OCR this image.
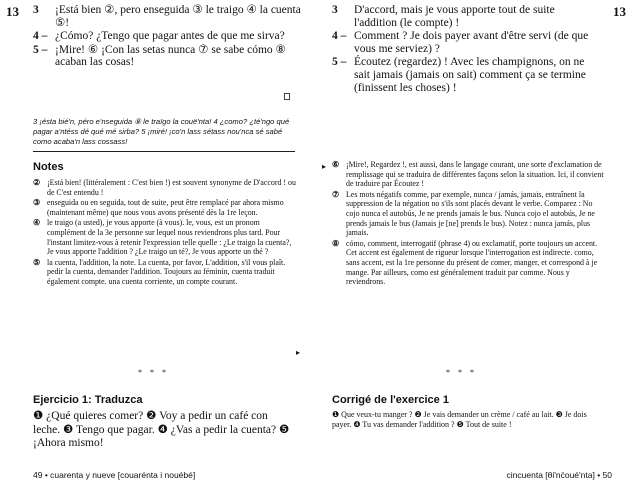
13 3	¡Está bien ②, pero enseguida ③ le traigo ④ la cuenta ⑤!
4 – ¿Cómo? ¿Tengo que pagar antes de que me sirva?
5 – ¡Mire! ⑥ ¡Con las setas nunca ⑦ se sabe cómo ⑧ acaban las cosas!
3 ¡ésta bié'n, péro e'nseguida ⑧ le traïgo la couë'nta! 4 ¿como? ¿té'ngo qué pagar a'ntéss dé qué mé sirba? 5 ¡miré! ¡co'n lass sétass nou'nca sé sabé como acaba'n lass cossass!
Notes
② ¡Está bien! (littéralement : C'est bien !) est souvent synonyme de D'accord ! ou de C'est entendu !
③ enseguida ou en seguida, tout de suite, peut être remplacé par ahora mismo (maintenant même) que nous vous avons présenté dès la 1re leçon.
④ le traigo (a usted), je vous apporte (à vous). le, vous, est un pronom complément de la 3e personne sur lequel nous reviendrons plus tard. Pour l'instant limitez-vous à retenir l'expression telle quelle : ¿Le traigo la cuenta?, Je vous apporte l'addition ? ¿Le traigo un té?, Je vous apporte un thé ?
⑤ la cuenta, l'addition, la note. La cuenta, por favor, L'addition, s'il vous plaît. pedir la cuenta, demander l'addition. Toujours au féminin, cuenta traduit également compte. una cuenta corriente, un compte courant.
▸
* * *
Ejercicio 1: Traduzca
❶ ¿Qué quieres comer? ❷ Voy a pedir un café con leche. ❸ Tengo que pagar. ❹ ¿Vas a pedir la cuenta? ❺ ¡Ahora mismo!
49 • cuarenta y nueve [couarénta i nouébé]
13
3	D'accord, mais je vous apporte tout de suite l'addition (le compte) !
4 – Comment ? Je dois payer avant d'être servi (de que vous me serviez) ?
5 – Écoutez (regardez) ! Avec les champignons, on ne sait jamais (jamais on sait) comment ça se termine (finissent les choses) !
▸ ⑥ ¡Mire!, Regardez !, est aussi, dans le langage courant, une sorte d'exclamation de remplissage qui se traduira de différentes façons selon la situation. Ici, il convient de traduire par Écoutez !
⑦ Les mots négatifs comme, par exemple, nunca / jamás, jamais, entraînent la suppression de la négation no s'ils sont placés devant le verbe. Comparez : No cojo nunca el autobús, Je ne prends jamais le bus. Nunca cojo el autobús, Je ne prends jamais le bus (Jamais je [ne] prends le bus). Notez : nunca jamás, plus jamais.
⑧ cómo, comment, interrogatif (phrase 4) ou exclamatif, porte toujours un accent. Cet accent est également de rigueur lorsque l'interrogation est indirecte. como, sans accent, est la 1re personne du présent de comer, manger, et correspond à je mange. Par ailleurs, como est généralement traduit par comme. Nous y reviendrons.
* * *
Corrigé de l'exercice 1
❶ Que veux-tu manger ? ❷ Je vais demander un crème / café au lait. ❸ Je dois payer. ❹ Tu vas demander l'addition ? ❺ Tout de suite !
cincuenta [θi'nc̈oué'nta] • 50
